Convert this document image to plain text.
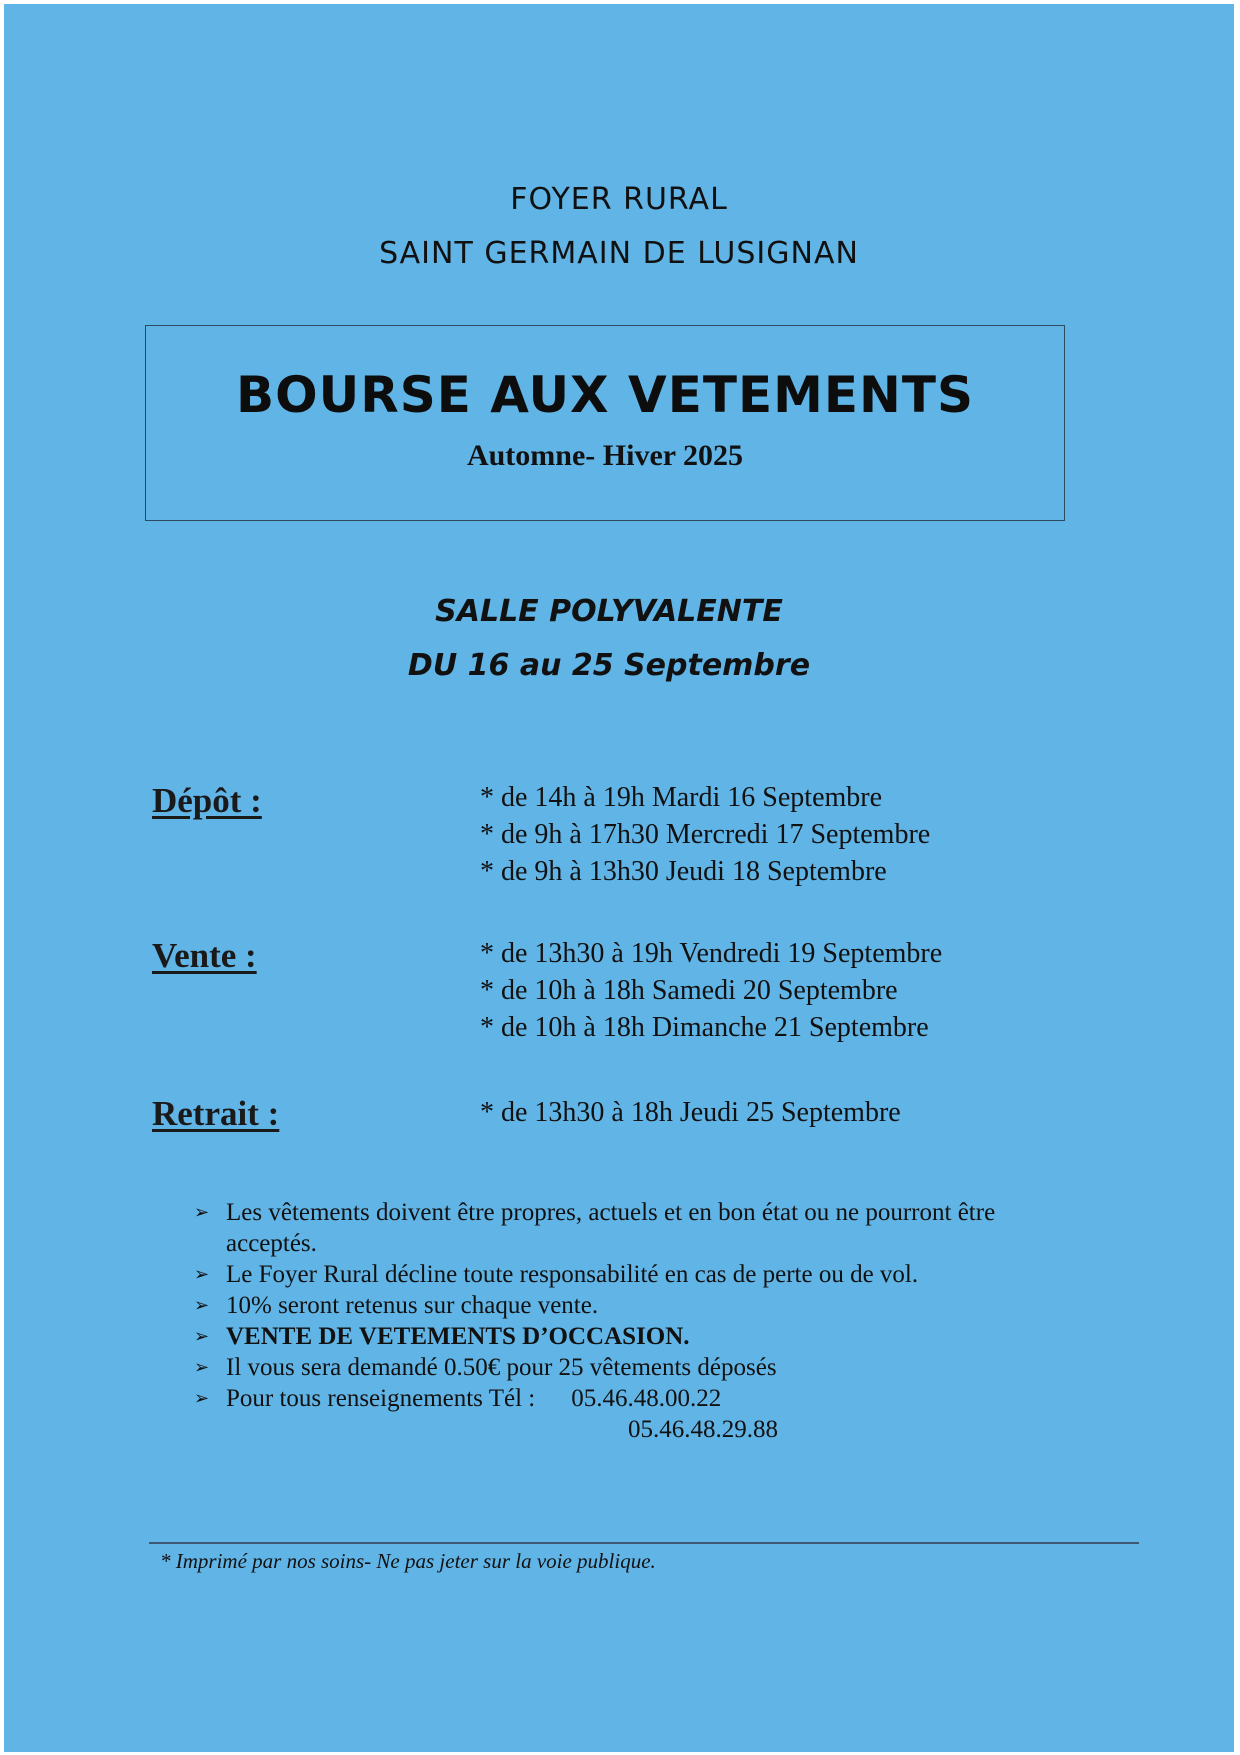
FOYER RURAL
SAINT GERMAIN DE LUSIGNAN
BOURSE AUX VETEMENTS
Automne- Hiver 2025
SALLE POLYVALENTE
DU 16 au 25 Septembre
Dépôt :	* de 14h à 19h Mardi 16 Septembre
* de 9h à 17h30 Mercredi 17 Septembre
* de 9h à 13h30 Jeudi 18 Septembre
Vente :	* de 13h30 à 19h Vendredi 19 Septembre
* de 10h à 18h Samedi 20 Septembre
* de 10h à 18h Dimanche 21 Septembre
Retrait :	* de 13h30 à 18h Jeudi 25 Septembre
➢ Les vêtements doivent être propres, actuels et en bon état ou ne pourront être acceptés.
➢ Le Foyer Rural décline toute responsabilité en cas de perte ou de vol.
➢ 10% seront retenus sur chaque vente.
➢ VENTE DE VETEMENTS D’OCCASION.
➢ Il vous sera demandé 0.50€ pour 25 vêtements déposés
➢ Pour tous renseignements Tél : 05.46.48.00.22
05.46.48.29.88
* Imprimé par nos soins- Ne pas jeter sur la voie publique.
